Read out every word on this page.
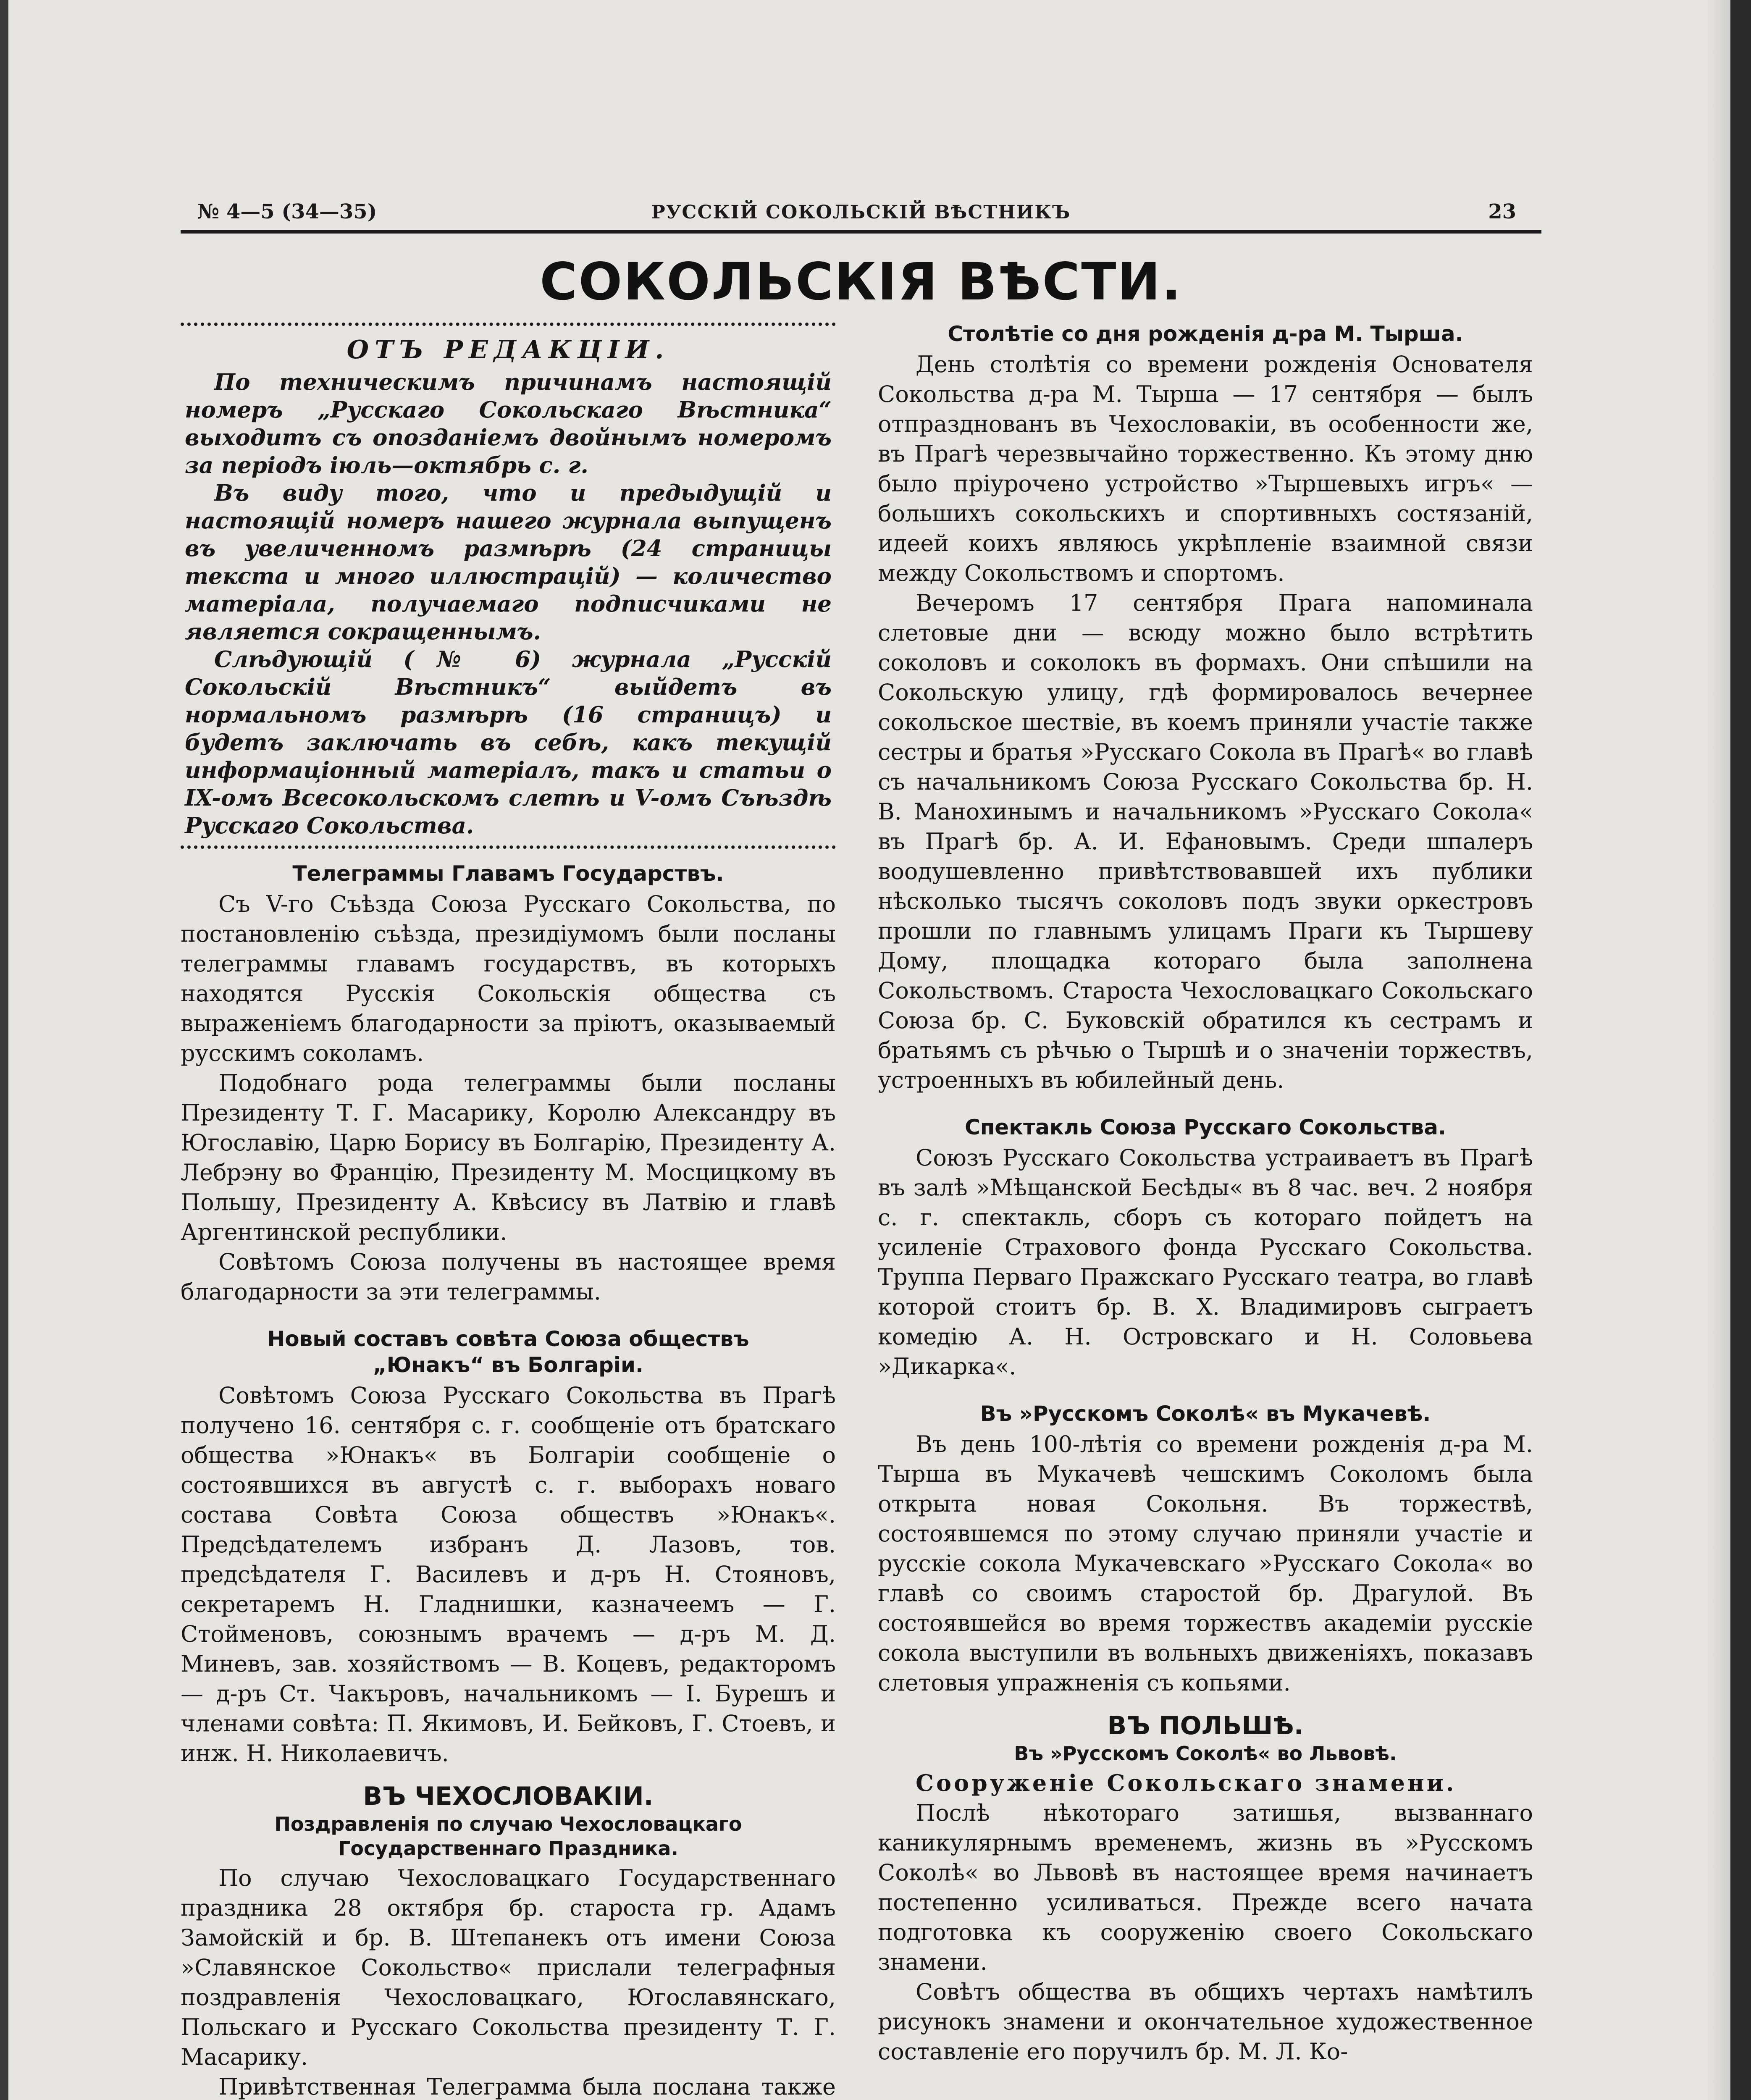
№ 4—5 (34—35)	РУССКІЙ СОКОЛЬСКІЙ ВѢСТНИКЪ	23
СОКОЛЬСКІЯ ВѢСТИ.
ОТЪ РЕДАКЦІИ.

По техническимъ причинамъ настоящій номеръ „Русскаго Сокольскаго Вѣстника“ выходитъ съ опозданіемъ двойнымъ номеромъ за періодъ іюль—октябрь с. г.

Въ виду того, что и предыдущій и настоящій номеръ нашего журнала выпущенъ въ увеличенномъ размѣрѣ (24 страницы текста и много иллюстрацій) — количество матеріала, получаемаго подписчиками не является сокращеннымъ.

Слѣдующій (№ 6) журнала „Русскій Сокольскій Вѣстникъ“ выйдетъ въ нормальномъ размѣрѣ (16 страницъ) и будетъ заключать въ себѣ, какъ текущій информаціонный матеріалъ, такъ и статьи о IX-омъ Всесокольскомъ слетѣ и V-омъ Съѣздѣ Русскаго Сокольства.

Телеграммы Главамъ Государствъ.

Съ V-го Съѣзда Союза Русскаго Сокольства, по постановленію съѣзда, президіумомъ были посланы телеграммы главамъ государствъ, въ которыхъ находятся Русскія Сокольскія общества съ выраженіемъ благодарности за пріютъ, оказываемый русскимъ соколамъ.

Подобнаго рода телеграммы были посланы Президенту Т. Г. Масарику, Королю Александру въ Югославію, Царю Борису въ Болгарію, Президенту А. Лебрэну во Францію, Президенту М. Мосцицкому въ Польшу, Президенту А. Квѣсису въ Латвію и главѣ Аргентинской республики.

Совѣтомъ Союза получены въ настоящее время благодарности за эти телеграммы.

Новый составъ совѣта Союза обществъ
„Юнакъ“ въ Болгаріи.

Совѣтомъ Союза Русскаго Сокольства въ Прагѣ получено 16. сентября с. г. сообщеніе отъ братскаго общества »Юнакъ« въ Болгаріи сообщеніе о состоявшихся въ августѣ с. г. выборахъ новаго состава Совѣта Союза обществъ »Юнакъ«. Предсѣдателемъ избранъ Д. Лазовъ, тов. предсѣдателя Г. Василевъ и д-ръ Н. Стояновъ, секретаремъ Н. Гладнишки, казначеемъ — Г. Стойменовъ, союзнымъ врачемъ — д-ръ М. Д. Миневъ, зав. хозяйствомъ — В. Коцевъ, редакторомъ — д-ръ Ст. Чакъровъ, начальникомъ — І. Бурешъ и членами совѣта: П. Якимовъ, И. Бейковъ, Г. Стоевъ, и инж. Н. Николаевичъ.

ВЪ ЧЕХОСЛОВАКІИ.
Поздравленія по случаю Чехословацкаго
Государственнаго Праздника.

По случаю Чехословацкаго Государственнаго праздника 28 октября бр. староста гр. Адамъ Замойскій и бр. В. Штепанекъ отъ имени Союза »Славянское Сокольство« прислали телеграфныя поздравленія Чехословацкаго, Югославянскаго, Польскаго и Русскаго Сокольства президенту Т. Г. Масарику.

Привѣтственная Телеграмма была послана также

Столѣтіе со дня рожденія д-ра М. Тырша.

День столѣтія со времени рожденія Основателя Сокольства д-ра М. Тырша — 17 сентября — былъ отпразднованъ въ Чехословакіи, въ особенности же, въ Прагѣ черезвычайно торжественно. Къ этому дню было пріурочено устройство »Тыршевыхъ игръ« — большихъ сокольскихъ и спортивныхъ состязаній, идеей коихъ являюсь укрѣпленіе взаимной связи между Сокольствомъ и спортомъ.

Вечеромъ 17 сентября Прага напоминала слетовые дни — всюду можно было встрѣтить соколовъ и соколокъ въ формахъ. Они спѣшили на Сокольскую улицу, гдѣ формировалось вечернее сокольское шествіе, въ коемъ приняли участіе также сестры и братья »Русскаго Сокола въ Прагѣ« во главѣ съ начальникомъ Союза Русскаго Сокольства бр. Н. В. Манохинымъ и начальникомъ »Русскаго Сокола« въ Прагѣ бр. А. И. Ефановымъ. Среди шпалеръ воодушевленно привѣтствовавшей ихъ публики нѣсколько тысячъ соколовъ подъ звуки оркестровъ прошли по главнымъ улицамъ Праги къ Тыршеву Дому, площадка котораго была заполнена Сокольствомъ. Староста Чехословацкаго Сокольскаго Союза бр. С. Буковскій обратился къ сестрамъ и братьямъ съ рѣчью о Тыршѣ и о значеніи торжествъ, устроенныхъ въ юбилейный день.

Спектакль Союза Русскаго Сокольства.

Союзъ Русскаго Сокольства устраиваетъ въ Прагѣ въ залѣ »Мѣщанской Бесѣды« въ 8 час. веч. 2 ноября с. г. спектакль, сборъ съ котораго пойдетъ на усиленіе Страхового фонда Русскаго Сокольства. Труппа Перваго Пражскаго Русскаго театра, во главѣ которой стоитъ бр. В. Х. Владимировъ сыграетъ комедію А. Н. Островскаго и Н. Соловьева »Дикарка«.

Въ »Русскомъ Соколѣ« въ Мукачевѣ.

Въ день 100-лѣтія со времени рожденія д-ра М. Тырша въ Мукачевѣ чешскимъ Соколомъ была открыта новая Сокольня. Въ торжествѣ, состоявшемся по этому случаю приняли участіе и русскіе сокола Мукачевскаго »Русскаго Сокола« во главѣ со своимъ старостой бр. Драгулой. Въ состоявшейся во время торжествъ академіи русскіе сокола выступили въ вольныхъ движеніяхъ, показавъ слетовыя упражненія съ копьями.

ВЪ ПОЛЬШѢ.
Въ »Русскомъ Соколѣ« во Львовѣ.

Сооруженіе Сокольскаго знамени.

Послѣ нѣкотораго затишья, вызваннаго каникулярнымъ временемъ, жизнь въ »Русскомъ Соколѣ« во Львовѣ въ настоящее время начинаетъ постепенно усиливаться. Прежде всего начата подготовка къ сооруженію своего Сокольскаго знамени.

Совѣтъ общества въ общихъ чертахъ намѣтилъ рисунокъ знамени и окончательное художественное составленіе его поручилъ бр. М. Л. Ко-
